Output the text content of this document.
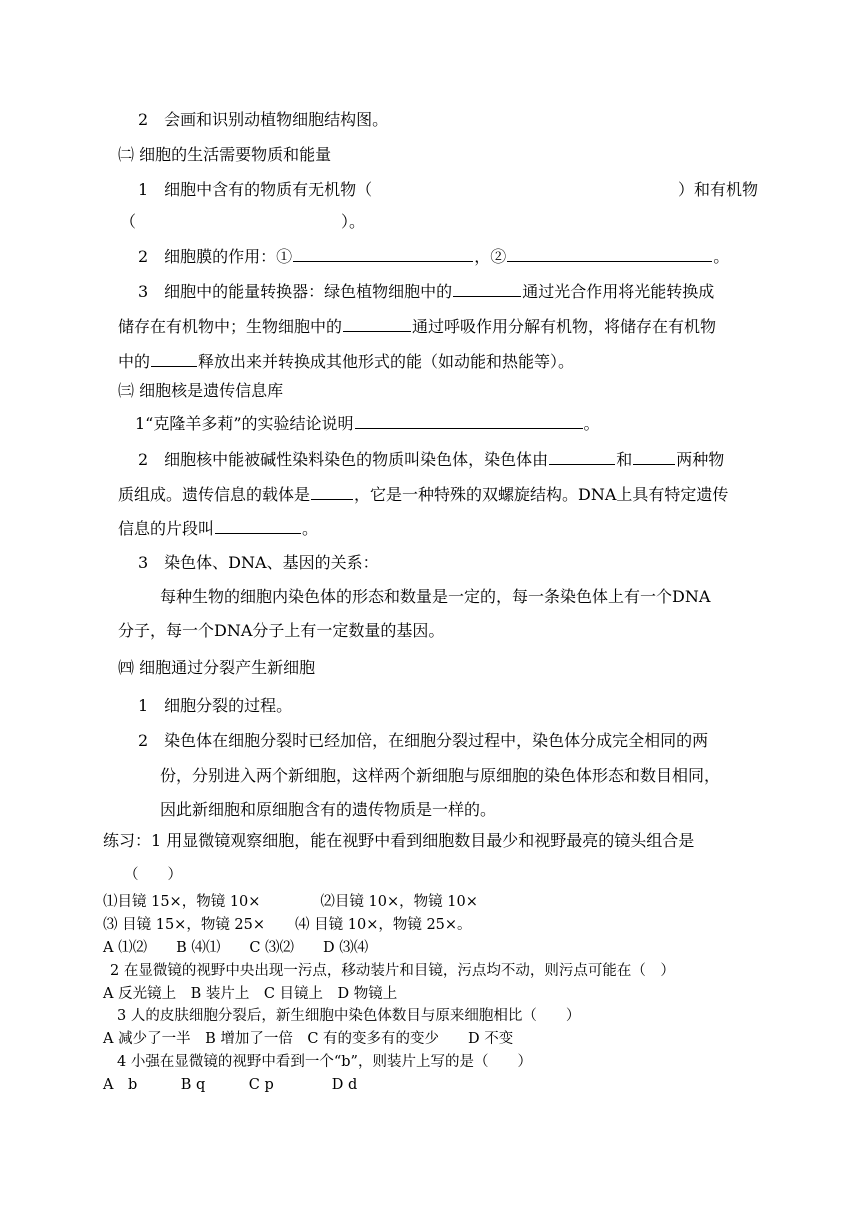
2　会画和识别动植物细胞结构图。
㈡ 细胞的生活需要物质和能量
1　细胞中含有的物质有无机物（	）和有机物
（	）。
2　细胞膜的作用：①	，②	。
3　细胞中的能量转换器：绿色植物细胞中的	通过光合作用将光能转换成
储存在有机物中；生物细胞中的	通过呼吸作用分解有机物，将储存在有机物
中的	释放出来并转换成其他形式的能（如动能和热能等）。
㈢ 细胞核是遗传信息库
1“克隆羊多莉”的实验结论说明	。
2　细胞核中能被碱性染料染色的物质叫染色体，染色体由	和	两种物
质组成。遗传信息的载体是	，它是一种特殊的双螺旋结构。DNA上具有特定遗传
信息的片段叫	。
3　染色体、DNA、基因的关系：
每种生物的细胞内染色体的形态和数量是一定的，每一条染色体上有一个DNA
分子，每一个DNA分子上有一定数量的基因。
㈣ 细胞通过分裂产生新细胞
1　细胞分裂的过程。
2　染色体在细胞分裂时已经加倍，在细胞分裂过程中，染色体分成完全相同的两
份，分别进入两个新细胞，这样两个新细胞与原细胞的染色体形态和数目相同，
因此新细胞和原细胞含有的遗传物质是一样的。
练习：1 用显微镜观察细胞，能在视野中看到细胞数目最少和视野最亮的镜头组合是
（　　）
⑴目镜 15×，物镜 10×	⑵目镜 10×，物镜 10×
⑶ 目镜 15×，物镜 25× ⑷ 目镜 10×，物镜 25×。
A ⑴⑵　　B ⑷⑴　　C ⑶⑵　　D ⑶⑷
2 在显微镜的视野中央出现一污点，移动装片和目镜，污点均不动，则污点可能在（　）
A 反光镜上　B 装片上　C 目镜上　D 物镜上
3 人的皮肤细胞分裂后，新生细胞中染色体数目与原来细胞相比（　　）
A 减少了一半　B 增加了一倍　C 有的变多有的变少　　D 不变
4 小强在显微镜的视野中看到一个“b”，则装片上写的是（　　）
A　b　　　B q　　　C p　　　　D d
